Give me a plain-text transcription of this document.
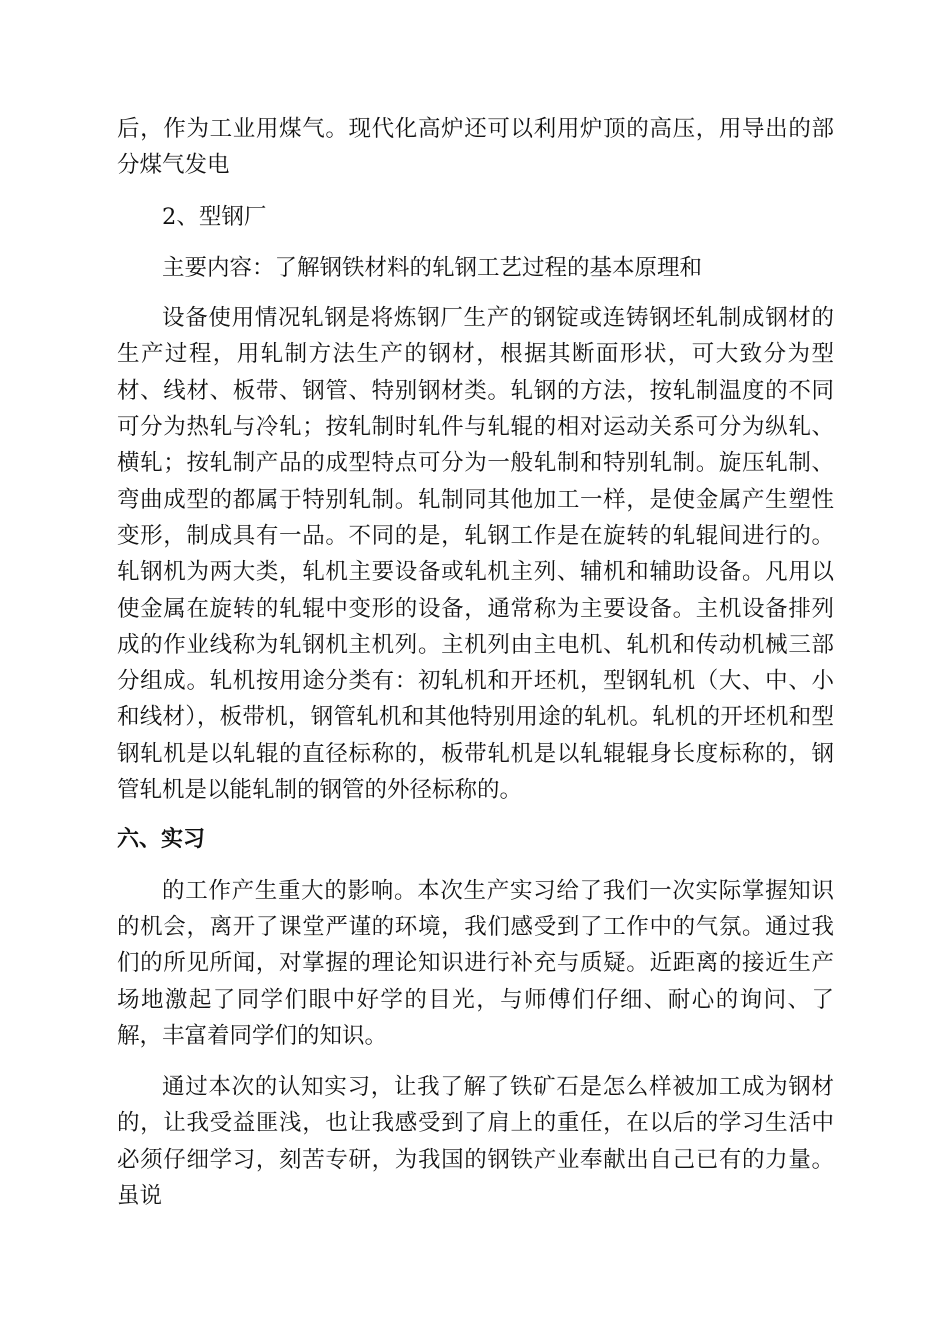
后，作为工业用煤气。现代化高炉还可以利用炉顶的高压，用导出的部分煤气发电

2、型钢厂

主要内容：了解钢铁材料的轧钢工艺过程的基本原理和

设备使用情况轧钢是将炼钢厂生产的钢锭或连铸钢坯轧制成钢材的生产过程，用轧制方法生产的钢材，根据其断面形状，可大致分为型材、线材、板带、钢管、特别钢材类。轧钢的方法，按轧制温度的不同可分为热轧与冷轧；按轧制时轧件与轧辊的相对运动关系可分为纵轧、横轧；按轧制产品的成型特点可分为一般轧制和特别轧制。旋压轧制、弯曲成型的都属于特别轧制。轧制同其他加工一样，是使金属产生塑性变形，制成具有一品。不同的是，轧钢工作是在旋转的轧辊间进行的。轧钢机为两大类，轧机主要设备或轧机主列、辅机和辅助设备。凡用以使金属在旋转的轧辊中变形的设备，通常称为主要设备。主机设备排列成的作业线称为轧钢机主机列。主机列由主电机、轧机和传动机械三部分组成。轧机按用途分类有：初轧机和开坯机，型钢轧机（大、中、小和线材），板带机，钢管轧机和其他特别用途的轧机。轧机的开坯机和型钢轧机是以轧辊的直径标称的，板带轧机是以轧辊辊身长度标称的，钢管轧机是以能轧制的钢管的外径标称的。

六、实习

的工作产生重大的影响。本次生产实习给了我们一次实际掌握知识的机会，离开了课堂严谨的环境，我们感受到了工作中的气氛。通过我们的所见所闻，对掌握的理论知识进行补充与质疑。近距离的接近生产场地激起了同学们眼中好学的目光，与师傅们仔细、耐心的询问、了解，丰富着同学们的知识。

通过本次的认知实习，让我了解了铁矿石是怎么样被加工成为钢材的，让我受益匪浅，也让我感受到了肩上的重任，在以后的学习生活中必须仔细学习，刻苦专研，为我国的钢铁产业奉献出自己已有的力量。虽说
